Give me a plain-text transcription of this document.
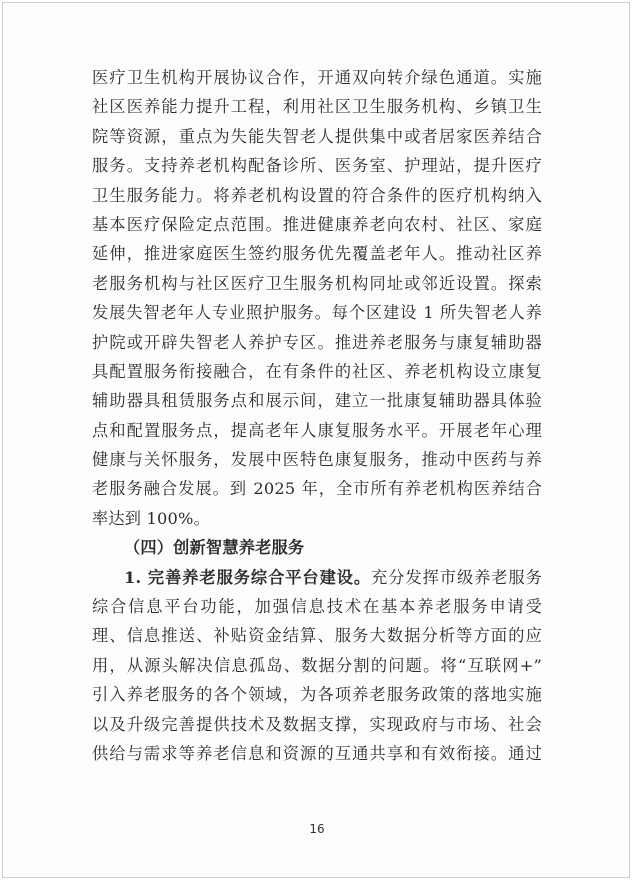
医疗卫生机构开展协议合作，开通双向转介绿色通道。实施
社区医养能力提升工程，利用社区卫生服务机构、乡镇卫生
院等资源，重点为失能失智老人提供集中或者居家医养结合
服务。支持养老机构配备诊所、医务室、护理站，提升医疗
卫生服务能力。将养老机构设置的符合条件的医疗机构纳入
基本医疗保险定点范围。推进健康养老向农村、社区、家庭
延伸，推进家庭医生签约服务优先覆盖老年人。推动社区养
老服务机构与社区医疗卫生服务机构同址或邻近设置。探索
发展失智老年人专业照护服务。每个区建设 1 所失智老人养
护院或开辟失智老人养护专区。推进养老服务与康复辅助器
具配置服务衔接融合，在有条件的社区、养老机构设立康复
辅助器具租赁服务点和展示间，建立一批康复辅助器具体验
点和配置服务点，提高老年人康复服务水平。开展老年心理
健康与关怀服务，发展中医特色康复服务，推动中医药与养
老服务融合发展。到 2025 年，全市所有养老机构医养结合
率达到 100%。
（四）创新智慧养老服务
1. 完善养老服务综合平台建设。充分发挥市级养老服务
综合信息平台功能，加强信息技术在基本养老服务申请受
理、信息推送、补贴资金结算、服务大数据分析等方面的应
用，从源头解决信息孤岛、数据分割的问题。将“互联网+”
引入养老服务的各个领域，为各项养老服务政策的落地实施
以及升级完善提供技术及数据支撑，实现政府与市场、社会
供给与需求等养老信息和资源的互通共享和有效衔接。通过
16
